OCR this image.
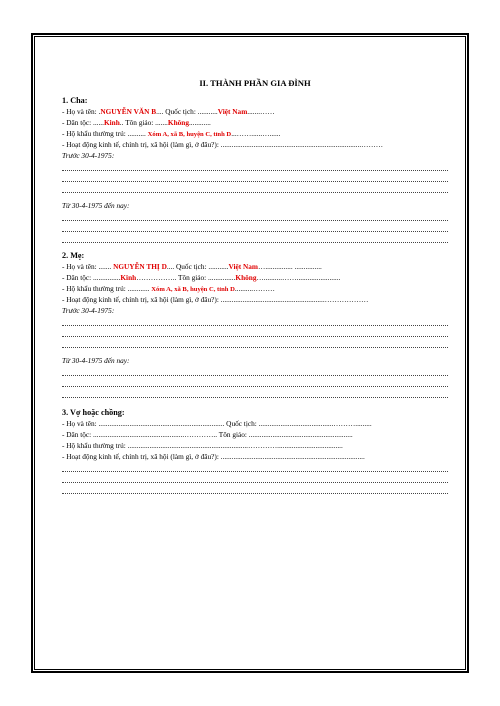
II. THÀNH PHẦN GIA ĐÌNH
1. Cha:
- Họ và tên: .NGUYỄN VĂN B.... Quốc tịch: ...........Việt Nam.......……
- Dân tộc: ......Kinh.. Tôn giáo: .......Không............
- Hộ khẩu thường trú: .......... Xóm A, xã B, huyện C, tỉnh D...……......…......
- Hoạt động kinh tế, chính trị, xã hội (làm gì, ở đâu?): .............................................................................………
Trước 30-4-1975:
Từ 30-4-1975 đến nay:
2. Mẹ:
- Họ và tên: ....... NGUYỄN THỊ D.... Quốc tịch: ...........Việt Nam…............... ...............
- Dân tộc: ...............Kinh…………….. Tôn giáo: ...............Không…..........……........................
- Hộ khẩu thường trú: ............ Xóm A, xã B, huyện C, tỉnh D..........………
- Hoạt động kinh tế, chính trị, xã hội (làm gì, ở đâu?): .........................................................………………
Trước 30-4-1975:
Từ 30-4-1975 đến nay:
3. Vợ hoặc chồng:
- Họ và tên: ..................................................................... Quốc tịch: .........................................……….........
- Dân tộc: ..................................................………….. Tôn giáo: .........................................................
- Hộ khẩu thường trú: ..................................................................…………....................................
- Hoạt động kinh tế, chính trị, xã hội (làm gì, ở đâu?): ...............................................................................
